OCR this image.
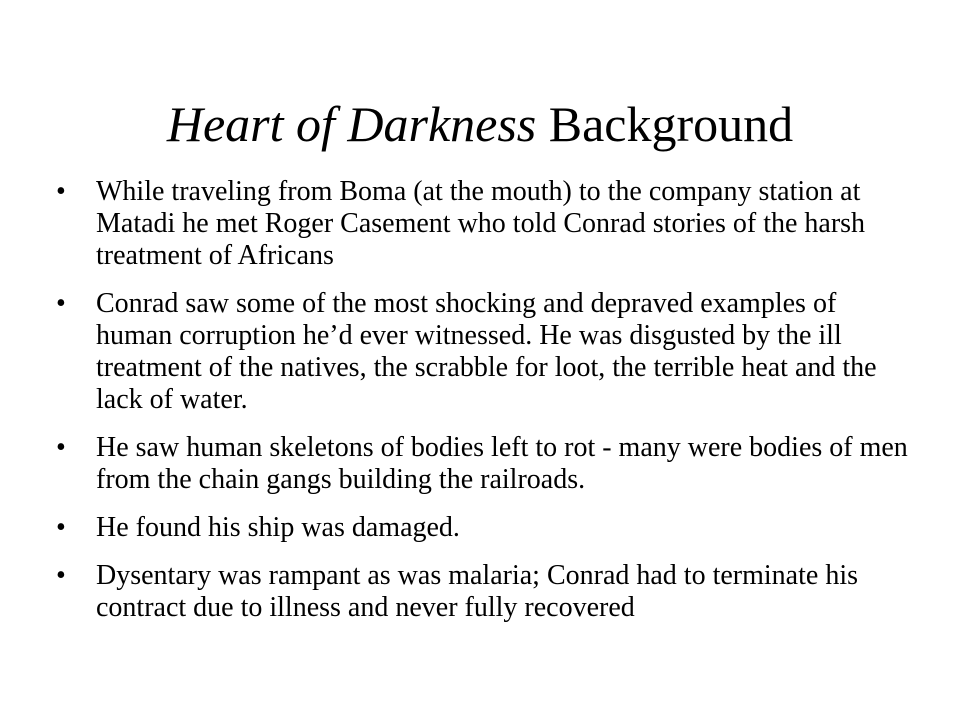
Heart of Darkness Background
•	While traveling from Boma (at the mouth) to the company station at Matadi he met Roger Casement who told Conrad stories of the harsh treatment of Africans
•	Conrad saw some of the most shocking and depraved examples of human corruption he’d ever witnessed. He was disgusted by the ill treatment of the natives, the scrabble for loot, the terrible heat and the lack of water.
•	He saw human skeletons of bodies left to rot - many were bodies of men from the chain gangs building the railroads.
•	He found his ship was damaged.
•	Dysentary was rampant as was malaria; Conrad had to terminate his contract due to illness and never fully recovered
